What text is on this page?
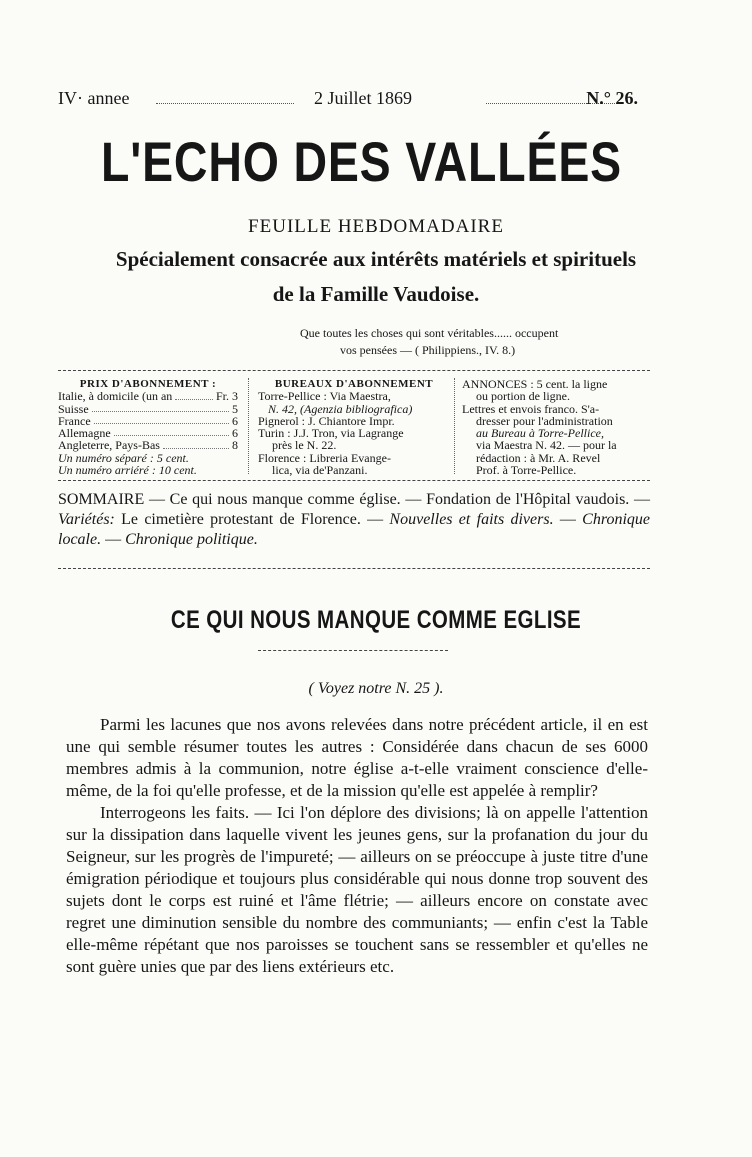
IV· annee	2 Juillet 1869	N.° 26.
L'ECHO DES VALLÉES
FEUILLE HEBDOMADAIRE
Spécialement consacrée aux intérêts matériels et spirituels
de la Famille Vaudoise.
Que toutes les choses qui sont véritables...... occupent
vos pensées — ( Philippiens., IV. 8.)
PRIX D'ABONNEMENT :
Italie, à domicile (un an	Fr. 3
Suisse	5
France	6
Allemagne	6
Angleterre, Pays-Bas	8
Un numéro séparé : 5 cent.
Un numéro arriéré : 10 cent.
BUREAUX D'ABONNEMENT
Torre-Pellice : Via Maestra,
N. 42, (Agenzia bibliografica)
Pignerol : J. Chiantore Impr.
Turin : J.J. Tron, via Lagrange
près le N. 22.
Florence : Libreria Evange-
lica, via de'Panzani.
ANNONCES : 5 cent. la ligne
ou portion de ligne.
Lettres et envois franco. S'a-
dresser pour l'administration
au Bureau à Torre-Pellice,
via Maestra N. 42. — pour la
rédaction : à Mr. A. Revel
Prof. à Torre-Pellice.
SOMMAIRE — Ce qui nous manque comme église. — Fondation de l'Hôpital vaudois. — Variétés: Le cimetière protestant de Florence. — Nouvelles et faits divers. — Chronique locale. — Chronique politique.
CE QUI NOUS MANQUE COMME EGLISE
( Voyez notre N. 25 ).

Parmi les lacunes que nos avons relevées dans notre précédent article, il en est une qui semble résumer toutes les autres : Considérée dans chacun de ses 6000 membres admis à la communion, notre église a-t-elle vraiment conscience d'elle-même, de la foi qu'elle professe, et de la mission qu'elle est appelée à remplir?

Interrogeons les faits. — Ici l'on déplore des divisions; là on appelle l'attention sur la dissipation dans laquelle vivent les jeunes gens, sur la profanation du jour du Seigneur, sur les progrès de l'impureté; — ailleurs on se préoccupe à juste titre d'une émigration périodique et toujours plus considérable qui nous donne trop souvent des sujets dont le corps est ruiné et l'âme flétrie; — ailleurs encore on constate avec regret une diminution sensible du nombre des communiants; — enfin c'est la Table elle-même répétant que nos paroisses se touchent sans se ressembler et qu'elles ne sont guère unies que par des liens extérieurs etc.
